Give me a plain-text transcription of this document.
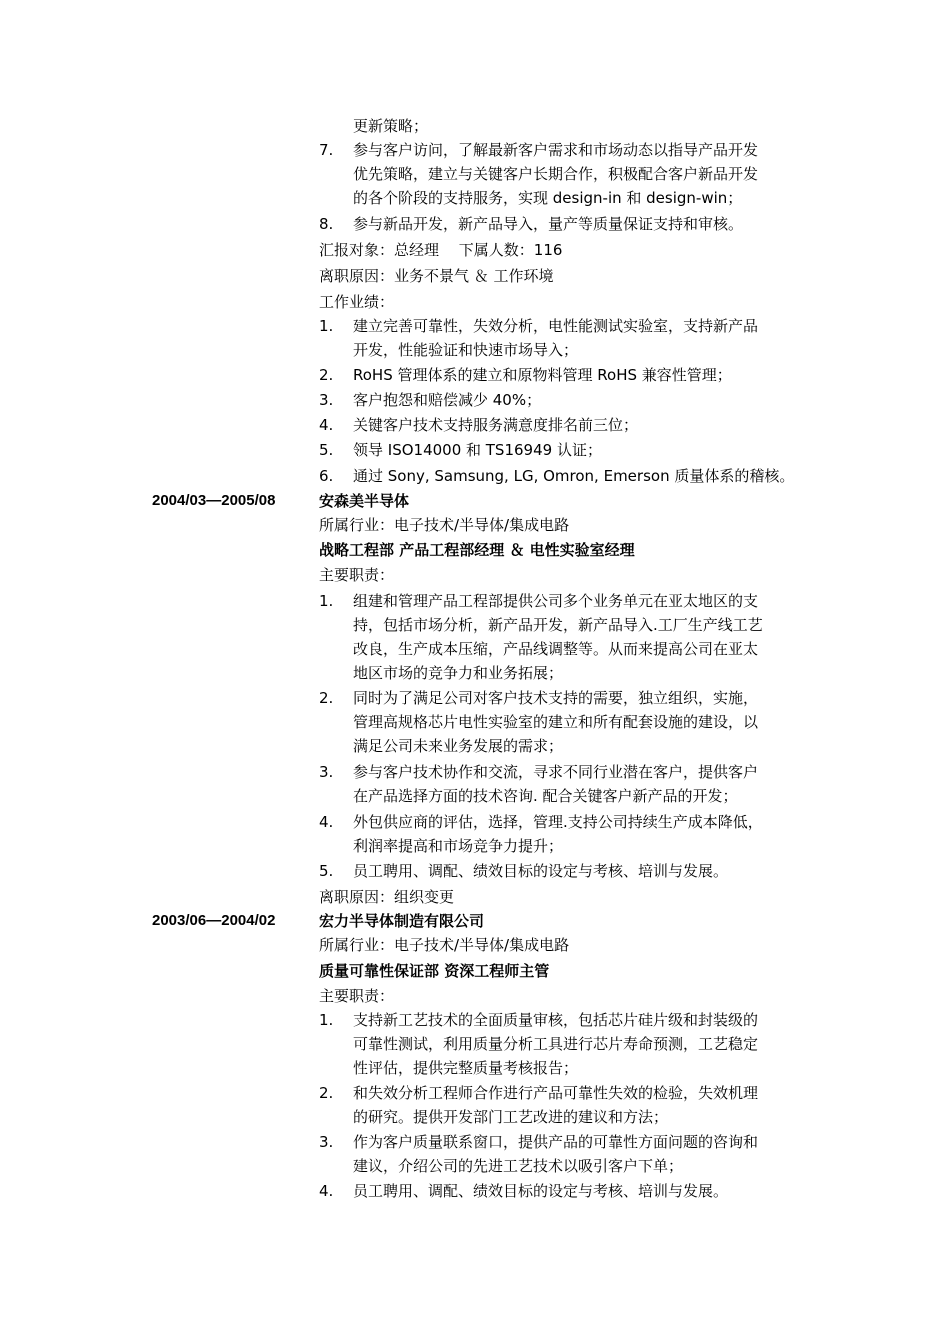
更新策略；
7.	参与客户访问，了解最新客户需求和市场动态以指导产品开发
优先策略，建立与关键客户长期合作，积极配合客户新品开发
的各个阶段的支持服务，实现 design-in 和 design-win；
8.	参与新品开发，新产品导入，量产等质量保证支持和审核。
汇报对象：总经理　 下属人数：116
离职原因：业务不景气 ＆ 工作环境
工作业绩：
1.	建立完善可靠性，失效分析，电性能测试实验室，支持新产品
开发，性能验证和快速市场导入；
2.	RoHS 管理体系的建立和原物料管理 RoHS 兼容性管理；
3.	客户抱怨和赔偿减少 40%；
4.	关键客户技术支持服务满意度排名前三位；
5.	领导 ISO14000 和 TS16949 认证；
6.	通过 Sony, Samsung, LG, Omron, Emerson 质量体系的稽核。
2004/03—2005/08	安森美半导体
所属行业：电子技术/半导体/集成电路
战略工程部 产品工程部经理 ＆ 电性实验室经理
主要职责：
1.	组建和管理产品工程部提供公司多个业务单元在亚太地区的支
持，包括市场分析，新产品开发，新产品导入.工厂生产线工艺
改良，生产成本压缩，产品线调整等。从而来提高公司在亚太
地区市场的竞争力和业务拓展；
2.	同时为了满足公司对客户技术支持的需要，独立组织，实施，
管理高规格芯片电性实验室的建立和所有配套设施的建设，以
满足公司未来业务发展的需求；
3.	参与客户技术协作和交流，寻求不同行业潜在客户，提供客户
在产品选择方面的技术咨询. 配合关键客户新产品的开发；
4.	外包供应商的评估，选择，管理.支持公司持续生产成本降低，
利润率提高和市场竞争力提升；
5.	员工聘用、调配、绩效目标的设定与考核、培训与发展。
离职原因：组织变更
2003/06—2004/02	宏力半导体制造有限公司
所属行业：电子技术/半导体/集成电路
质量可靠性保证部 资深工程师主管
主要职责：
1.	支持新工艺技术的全面质量审核，包括芯片硅片级和封装级的
可靠性测试，利用质量分析工具进行芯片寿命预测，工艺稳定
性评估，提供完整质量考核报告；
2.	和失效分析工程师合作进行产品可靠性失效的检验，失效机理
的研究。提供开发部门工艺改进的建议和方法；
3.	作为客户质量联系窗口，提供产品的可靠性方面问题的咨询和
建议，介绍公司的先进工艺技术以吸引客户下单；
4.	员工聘用、调配、绩效目标的设定与考核、培训与发展。
